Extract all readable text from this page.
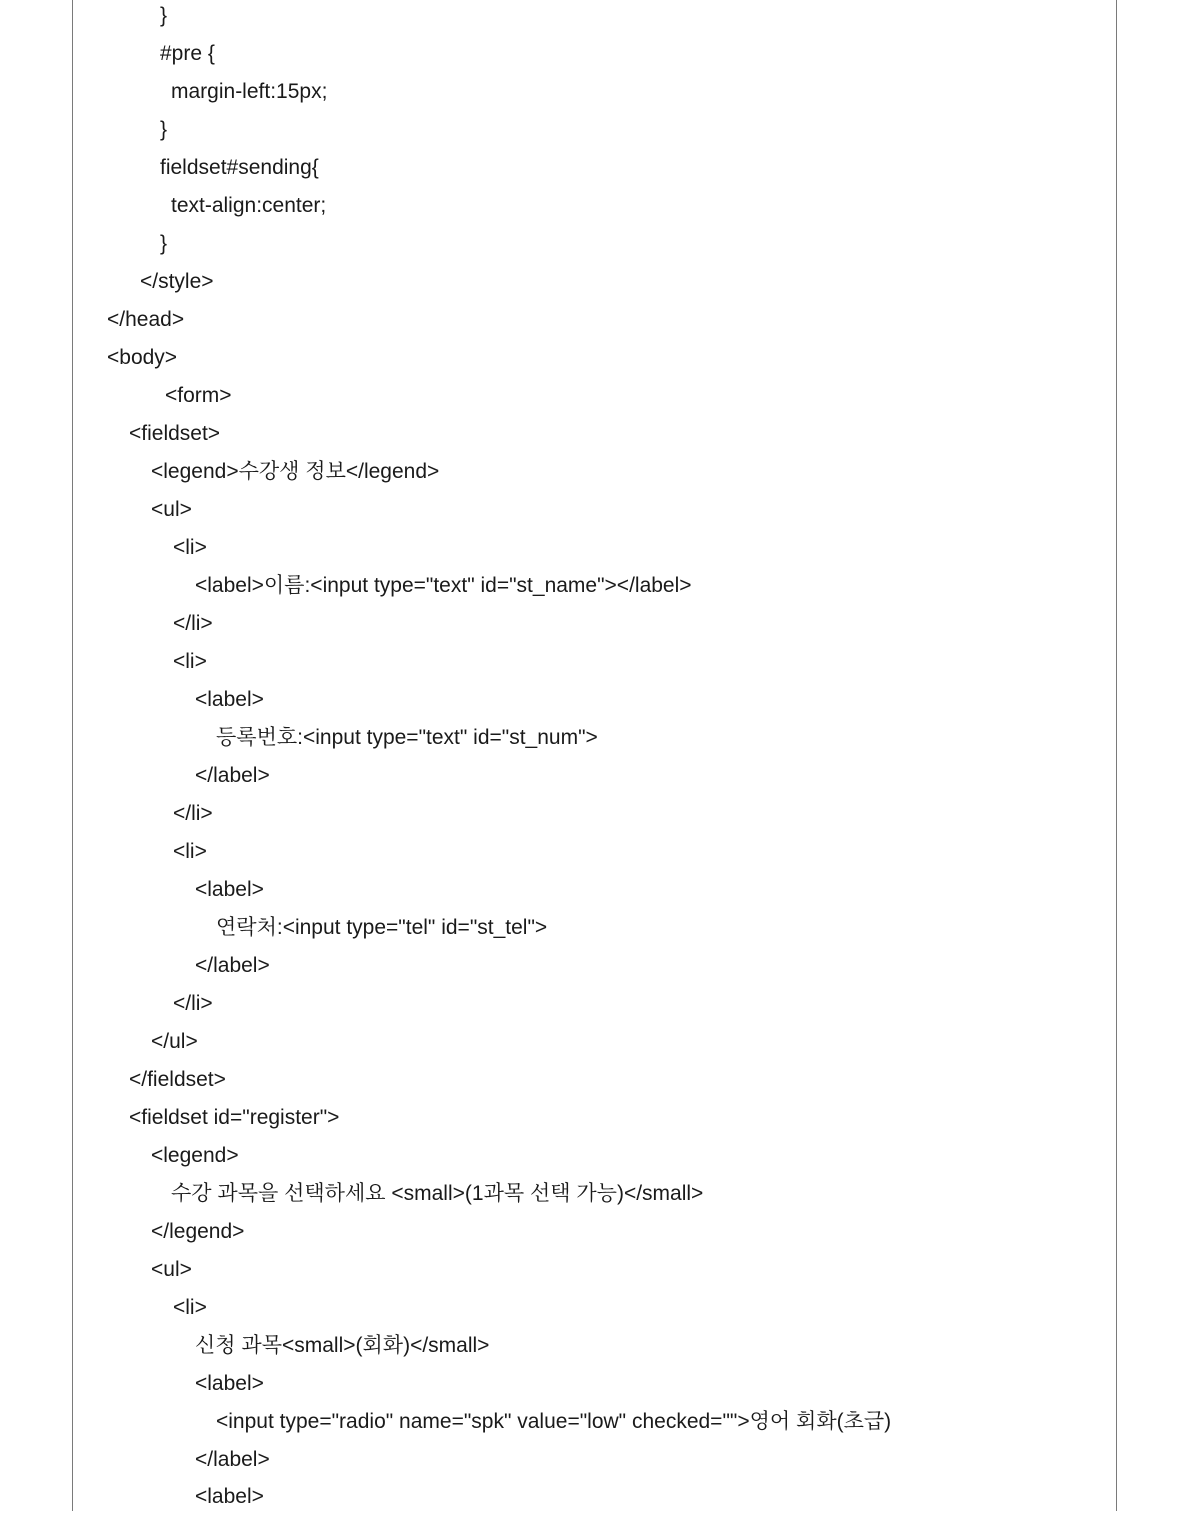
}
#pre {
margin-left:15px;
}
fieldset#sending{
text-align:center;
}
</style>
</head>
<body>
<form>
<fieldset>
<legend>수강생 정보</legend>
<ul>
<li>
<label>이름:<input type="text" id="st_name"></label>
</li>
<li>
<label>
등록번호:<input type="text" id="st_num">
</label>
</li>
<li>
<label>
연락처:<input type="tel" id="st_tel">
</label>
</li>
</ul>
</fieldset>
<fieldset id="register">
<legend>
수강 과목을 선택하세요 <small>(1과목 선택 가능)</small>
</legend>
<ul>
<li>
신청 과목<small>(회화)</small>
<label>
<input type="radio" name="spk" value="low" checked="">영어 회화(초급)
</label>
<label>
